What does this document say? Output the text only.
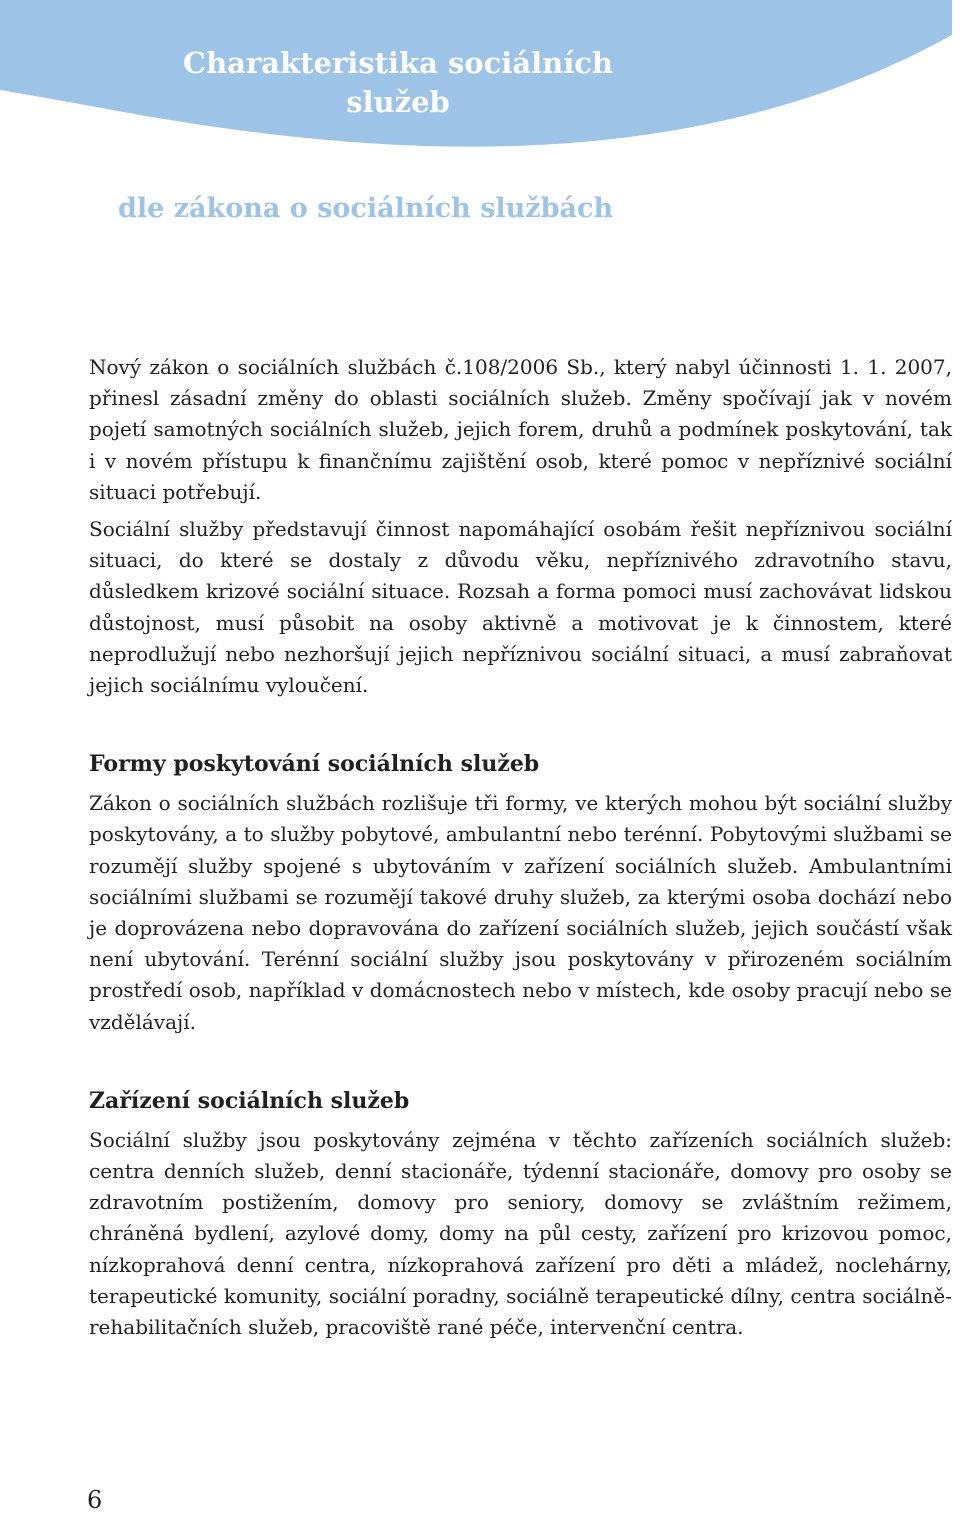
Charakteristika sociálních služeb
dle zákona o sociálních službách

Nový zákon o sociálních službách č.108/2006 Sb., který nabyl účinnosti 1. 1. 2007, přinesl zásadní změny do oblasti sociálních služeb. Změny spočívají jak v novém pojetí samotných sociálních služeb, jejich forem, druhů a podmínek poskytování, tak i v novém přístupu k finančnímu zajištění osob, které pomoc v nepříznivé sociální situaci potřebují.

Sociální služby představují činnost napomáhající osobám řešit nepříznivou sociální situaci, do které se dostaly z důvodu věku, nepříznivého zdravotního stavu, důsledkem krizové sociální situace. Rozsah a forma pomoci musí zachovávat lidskou důstojnost, musí působit na osoby aktivně a motivovat je k činnostem, které neprodlužují nebo nezhoršují jejich nepříznivou sociální situaci, a musí zabraňovat jejich sociálnímu vyloučení.

Formy poskytování sociálních služeb

Zákon o sociálních službách rozlišuje tři formy, ve kterých mohou být sociální služby poskytovány, a to služby pobytové, ambulantní nebo terénní. Pobytovými službami se rozumějí služby spojené s ubytováním v zařízení sociálních služeb. Ambulantními sociálními službami se rozumějí takové druhy služeb, za kterými osoba dochází nebo je doprovázena nebo dopravována do zařízení sociálních služeb, jejich součástí však není ubytování. Terénní sociální služby jsou poskytovány v přirozeném sociálním prostředí osob, například v domácnostech nebo v místech, kde osoby pracují nebo se vzdělávají.

Zařízení sociálních služeb

Sociální služby jsou poskytovány zejména v těchto zařízeních sociálních služeb: centra denních služeb, denní stacionáře, týdenní stacionáře, domovy pro osoby se zdravotním postižením, domovy pro seniory, domovy se zvláštním režimem, chráněná bydlení, azylové domy, domy na půl cesty, zařízení pro krizovou pomoc, nízkoprahová denní centra, nízkoprahová zařízení pro děti a mládež, noclehárny, terapeutické komunity, sociální poradny, sociálně terapeutické dílny, centra sociálně-rehabilitačních služeb, pracoviště rané péče, intervenční centra.

6
